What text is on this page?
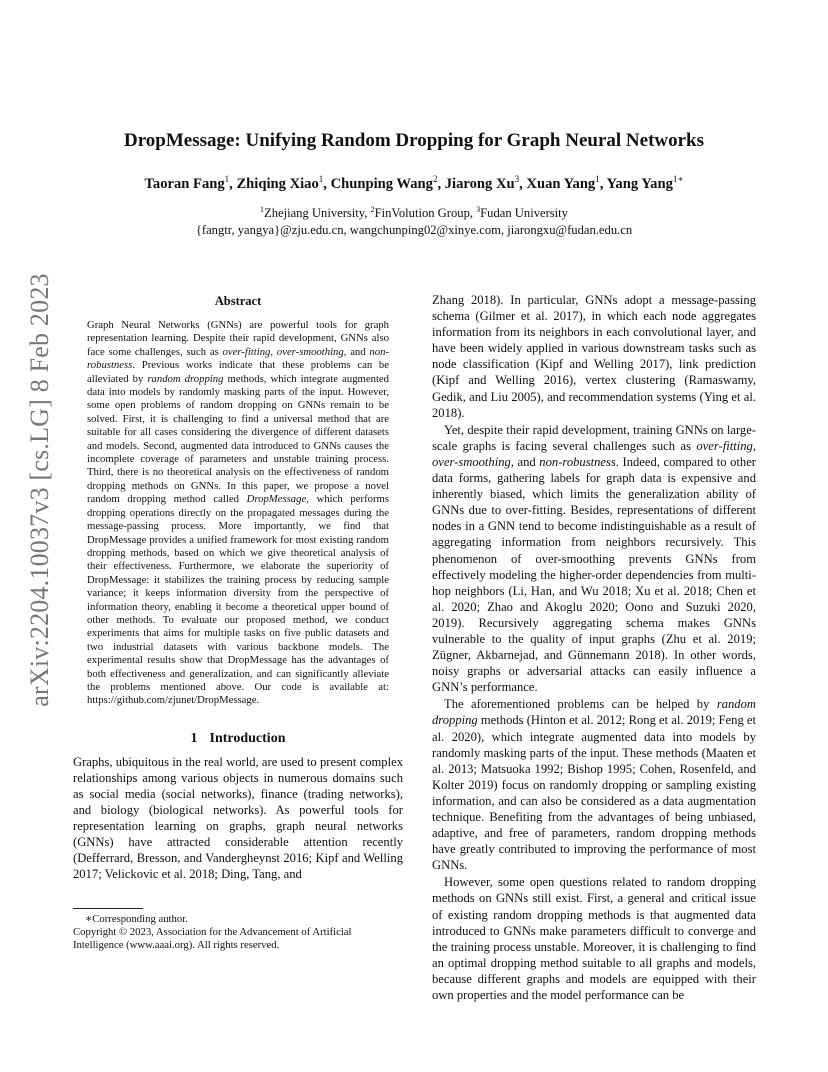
arXiv:2204.10037v3 [cs.LG] 8 Feb 2023
DropMessage: Unifying Random Dropping for Graph Neural Networks
Taoran Fang$^1$, Zhiqing Xiao$^1$, Chunping Wang$^2$, Jiarong Xu$^3$, Xuan Yang$^1$, Yang Yang$^{1∗}$
$^1$Zhejiang University, $^2$FinVolution Group, $^3$Fudan University
{fangtr, yangya}@zju.edu.cn, wangchunping02@xinye.com, jiarongxu@fudan.edu.cn
Abstract

Graph Neural Networks (GNNs) are powerful tools for graph representation learning. Despite their rapid development, GNNs also face some challenges, such as over-fitting, over-smoothing, and non-robustness. Previous works indicate that these problems can be alleviated by random dropping methods, which integrate augmented data into models by randomly masking parts of the input. However, some open problems of random dropping on GNNs remain to be solved. First, it is challenging to find a universal method that are suitable for all cases considering the divergence of different datasets and models. Second, augmented data introduced to GNNs causes the incomplete coverage of parameters and unstable training process. Third, there is no theoretical analysis on the effectiveness of random dropping methods on GNNs. In this paper, we propose a novel random dropping method called DropMessage, which performs dropping operations directly on the propagated messages during the message-passing process. More importantly, we find that DropMessage provides a unified framework for most existing random dropping methods, based on which we give theoretical analysis of their effectiveness. Furthermore, we elaborate the superiority of DropMessage: it stabilizes the training process by reducing sample variance; it keeps information diversity from the perspective of information theory, enabling it become a theoretical upper bound of other methods. To evaluate our proposed method, we conduct experiments that aims for multiple tasks on five public datasets and two industrial datasets with various backbone models. The experimental results show that DropMessage has the advantages of both effectiveness and generalization, and can significantly alleviate the problems mentioned above. Our code is available at: https://github.com/zjunet/DropMessage.

1 Introduction

Graphs, ubiquitous in the real world, are used to present complex relationships among various objects in numerous domains such as social media (social networks), finance (trading networks), and biology (biological networks). As powerful tools for representation learning on graphs, graph neural networks (GNNs) have attracted considerable attention recently (Defferrard, Bresson, and Vandergheynst 2016; Kipf and Welling 2017; Velickovic et al. 2018; Ding, Tang, and

∗Corresponding author.
Copyright © 2023, Association for the Advancement of Artificial Intelligence (www.aaai.org). All rights reserved.

Zhang 2018). In particular, GNNs adopt a message-passing schema (Gilmer et al. 2017), in which each node aggregates information from its neighbors in each convolutional layer, and have been widely applied in various downstream tasks such as node classification (Kipf and Welling 2017), link prediction (Kipf and Welling 2016), vertex clustering (Ramaswamy, Gedik, and Liu 2005), and recommendation systems (Ying et al. 2018).

Yet, despite their rapid development, training GNNs on large-scale graphs is facing several challenges such as over-fitting, over-smoothing, and non-robustness. Indeed, compared to other data forms, gathering labels for graph data is expensive and inherently biased, which limits the generalization ability of GNNs due to over-fitting. Besides, representations of different nodes in a GNN tend to become indistinguishable as a result of aggregating information from neighbors recursively. This phenomenon of over-smoothing prevents GNNs from effectively modeling the higher-order dependencies from multi-hop neighbors (Li, Han, and Wu 2018; Xu et al. 2018; Chen et al. 2020; Zhao and Akoglu 2020; Oono and Suzuki 2020, 2019). Recursively aggregating schema makes GNNs vulnerable to the quality of input graphs (Zhu et al. 2019; Zügner, Akbarnejad, and Günnemann 2018). In other words, noisy graphs or adversarial attacks can easily influence a GNN’s performance.

The aforementioned problems can be helped by random dropping methods (Hinton et al. 2012; Rong et al. 2019; Feng et al. 2020), which integrate augmented data into models by randomly masking parts of the input. These methods (Maaten et al. 2013; Matsuoka 1992; Bishop 1995; Cohen, Rosenfeld, and Kolter 2019) focus on randomly dropping or sampling existing information, and can also be considered as a data augmentation technique. Benefiting from the advantages of being unbiased, adaptive, and free of parameters, random dropping methods have greatly contributed to improving the performance of most GNNs.

However, some open questions related to random dropping methods on GNNs still exist. First, a general and critical issue of existing random dropping methods is that augmented data introduced to GNNs make parameters difficult to converge and the training process unstable. Moreover, it is challenging to find an optimal dropping method suitable to all graphs and models, because different graphs and models are equipped with their own properties and the model performance can be
